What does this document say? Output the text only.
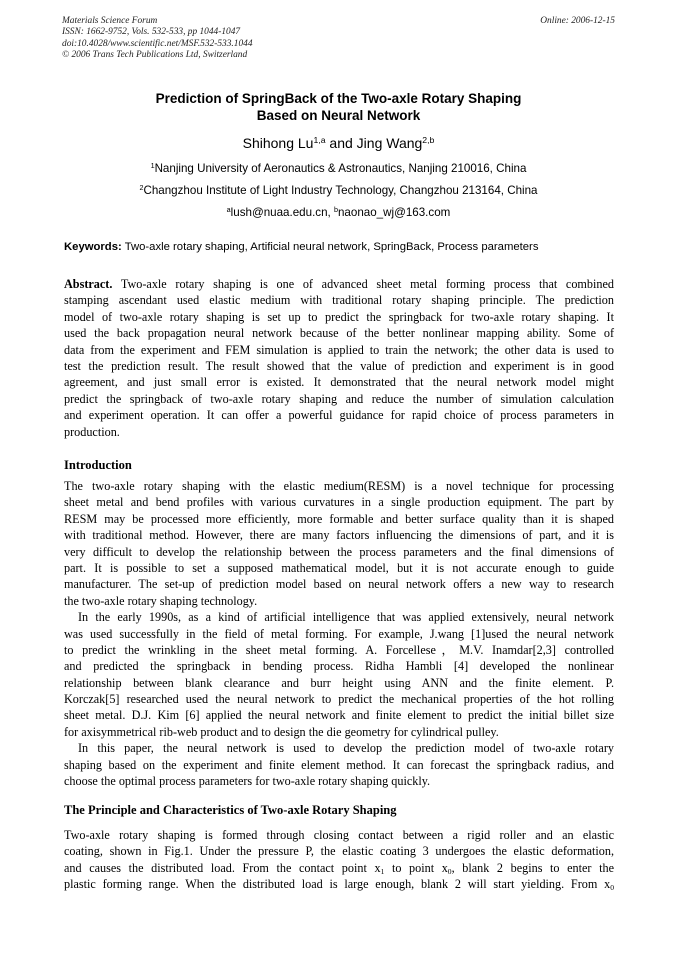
Materials Science Forum
ISSN: 1662-9752, Vols. 532-533, pp 1044-1047
doi:10.4028/www.scientific.net/MSF.532-533.1044
© 2006 Trans Tech Publications Ltd, Switzerland
Online: 2006-12-15
Prediction of SpringBack of the Two-axle Rotary Shaping
Based on Neural Network
Shihong Lu$^{1,a}$ and Jing Wang$^{2,b}$
$^1$Nanjing University of Aeronautics & Astronautics, Nanjing 210016, China
$^2$Changzhou Institute of Light Industry Technology, Changzhou 213164, China
$^a$lush@nuaa.edu.cn, $^b$naonao_wj@163.com
Keywords: Two-axle rotary shaping, Artificial neural network, SpringBack, Process parameters
Abstract. Two-axle rotary shaping is one of advanced sheet metal forming process that combined
stamping ascendant used elastic medium with traditional rotary shaping principle. The prediction
model of two-axle rotary shaping is set up to predict the springback for two-axle rotary shaping. It
used the back propagation neural network because of the better nonlinear mapping ability. Some of
data from the experiment and FEM simulation is applied to train the network; the other data is used to
test the prediction result. The result showed that the value of prediction and experiment is in good
agreement, and just small error is existed. It demonstrated that the neural network model might
predict the springback of two-axle rotary shaping and reduce the number of simulation calculation
and experiment operation. It can offer a powerful guidance for rapid choice of process parameters in
production.
Introduction
The two-axle rotary shaping with the elastic medium(RESM) is a novel technique for processing
sheet metal and bend profiles with various curvatures in a single production equipment. The part by
RESM may be processed more efficiently, more formable and better surface quality than it is shaped
with traditional method. However, there are many factors influencing the dimensions of part, and it is
very difficult to develop the relationship between the process parameters and the final dimensions of
part. It is possible to set a supposed mathematical model, but it is not accurate enough to guide
manufacturer. The set-up of prediction model based on neural network offers a new way to research
the two-axle rotary shaping technology.
In the early 1990s, as a kind of artificial intelligence that was applied extensively, neural network
was used successfully in the field of metal forming. For example, J.wang [1]used the neural network
to predict the wrinkling in the sheet metal forming. A. Forcellese，M.V. Inamdar[2,3] controlled
and predicted the springback in bending process. Ridha Hambli [4] developed the nonlinear
relationship between blank clearance and burr height using ANN and the finite element. P.
Korczak[5] researched used the neural network to predict the mechanical properties of the hot rolling
sheet metal. D.J. Kim [6] applied the neural network and finite element to predict the initial billet size
for axisymmetrical rib-web product and to design the die geometry for cylindrical pulley.
In this paper, the neural network is used to develop the prediction model of two-axle rotary
shaping based on the experiment and finite element method. It can forecast the springback radius, and
choose the optimal process parameters for two-axle rotary shaping quickly.
The Principle and Characteristics of Two-axle Rotary Shaping
Two-axle rotary shaping is formed through closing contact between a rigid roller and an elastic
coating, shown in Fig.1. Under the pressure P, the elastic coating 3 undergoes the elastic deformation,
and causes the distributed load. From the contact point $x_1$ to point $x_0$, blank 2 begins to enter the
plastic forming range. When the distributed load is large enough, blank 2 will start yielding. From $x_0$
